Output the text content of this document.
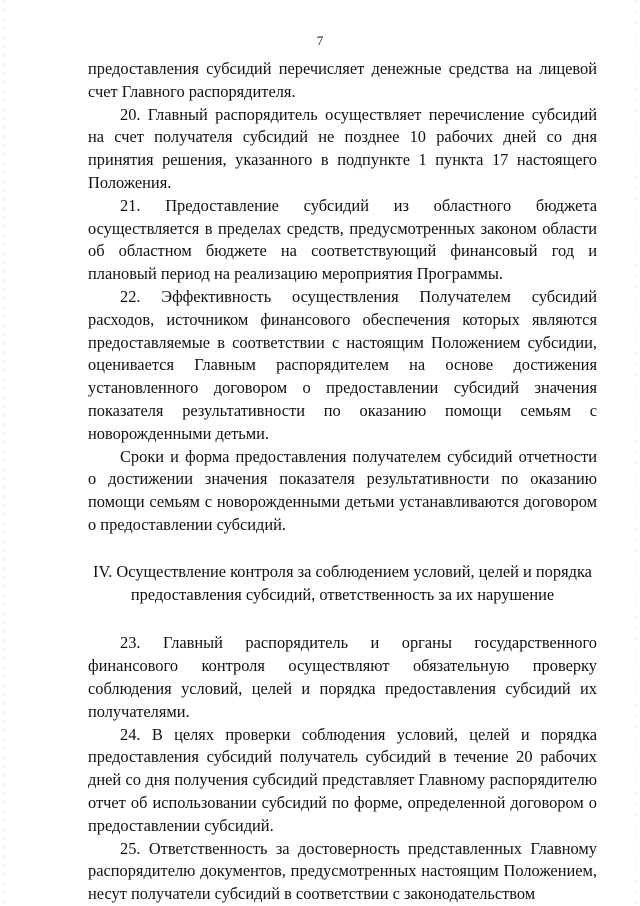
7

предоставления субсидий перечисляет денежные средства на лицевой счет Главного распорядителя.

20. Главный распорядитель осуществляет перечисление субсидий на счет получателя субсидий не позднее 10 рабочих дней со дня принятия решения, указанного в подпункте 1 пункта 17 настоящего Положения.

21. Предоставление субсидий из областного бюджета осуществляется в пределах средств, предусмотренных законом области об областном бюджете на соответствующий финансовый год и плановый период на реализацию мероприятия Программы.

22. Эффективность осуществления Получателем субсидий расходов, источником финансового обеспечения которых являются предоставляемые в соответствии с настоящим Положением субсидии, оценивается Главным распорядителем на основе достижения установленного договором о предоставлении субсидий значения показателя результативности по оказанию помощи семьям с новорожденными детьми.

Сроки и форма предоставления получателем субсидий отчетности о достижении значения показателя результативности по оказанию помощи семьям с новорожденными детьми устанавливаются договором о предоставлении субсидий.

IV. Осуществление контроля за соблюдением условий, целей и порядка предоставления субсидий, ответственность за их нарушение

23. Главный распорядитель и органы государственного финансового контроля осуществляют обязательную проверку соблюдения условий, целей и порядка предоставления субсидий их получателями.

24. В целях проверки соблюдения условий, целей и порядка предоставления субсидий получатель субсидий в течение 20 рабочих дней со дня получения субсидий представляет Главному распорядителю отчет об использовании субсидий по форме, определенной договором о предоставлении субсидий.

25. Ответственность за достоверность представленных Главному распорядителю документов, предусмотренных настоящим Положением, несут получатели субсидий в соответствии с законодательством
